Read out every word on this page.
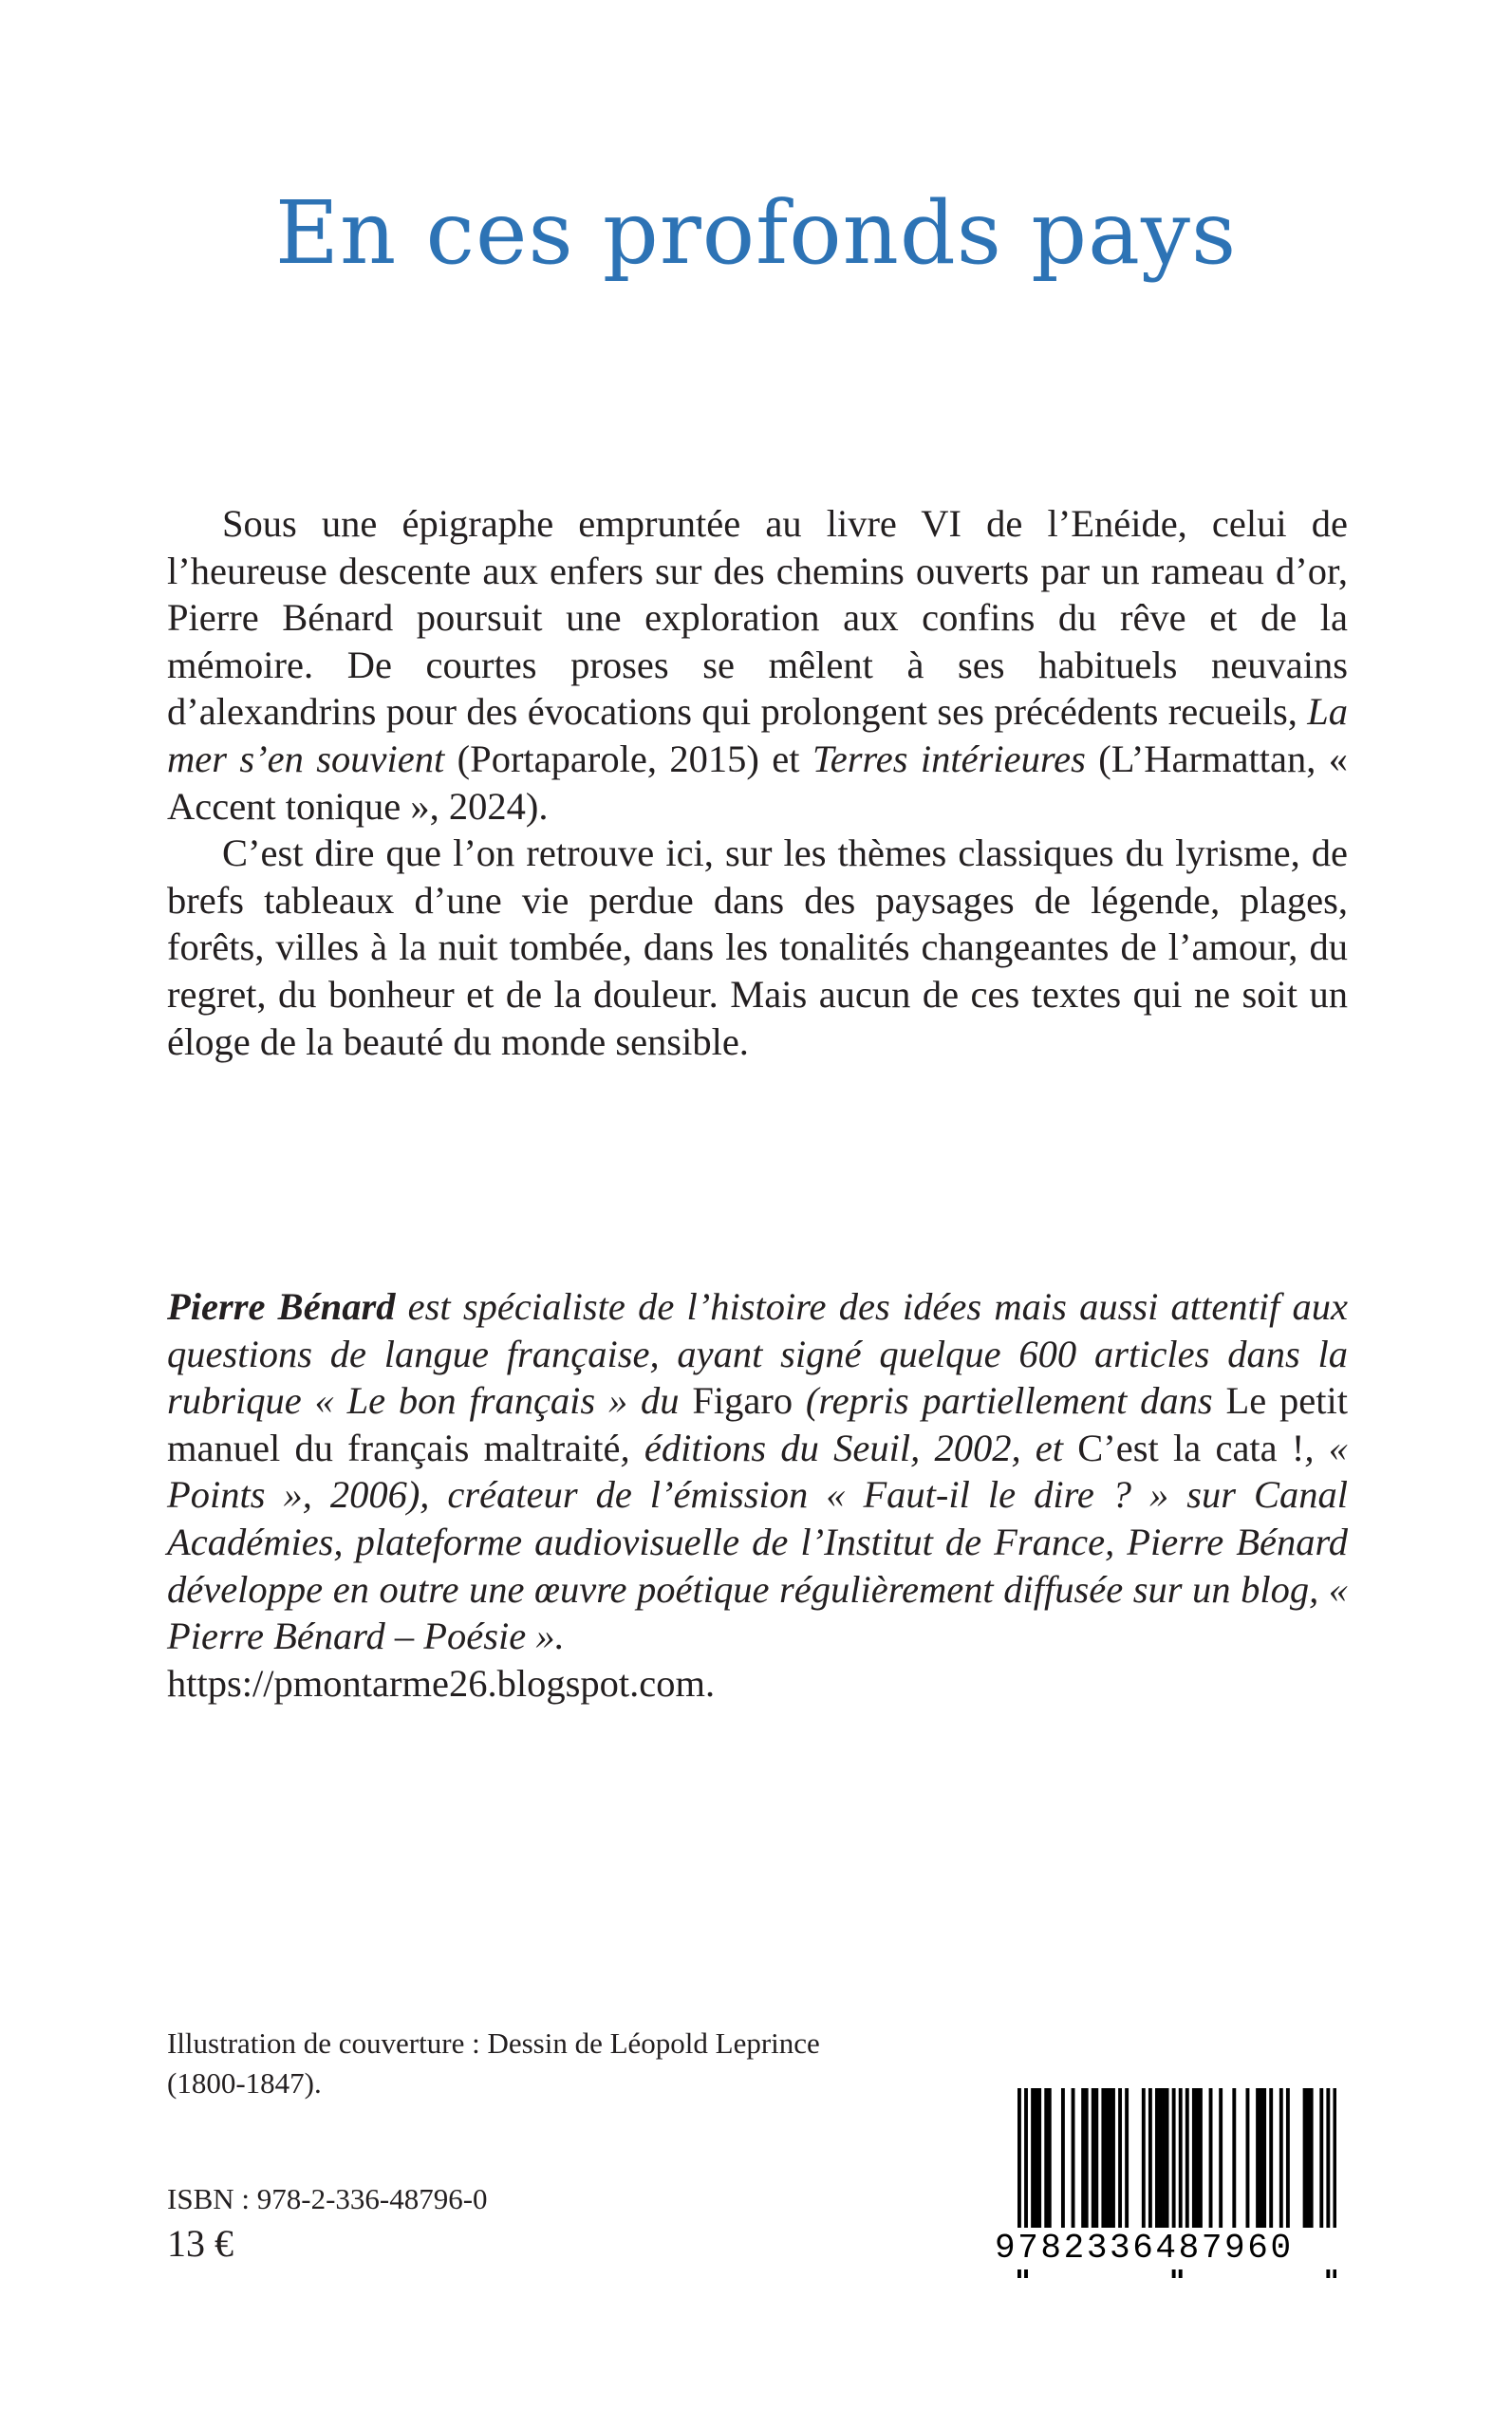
En ces profonds pays

Sous une épigraphe empruntée au livre VI de l’Enéide, celui de l’heureuse descente aux enfers sur des chemins ouverts par un rameau d’or, Pierre Bénard poursuit une exploration aux confins du rêve et de la mémoire. De courtes proses se mêlent à ses habituels neuvains d’alexandrins pour des évocations qui prolongent ses précédents recueils, La mer s’en souvient (Portaparole, 2015) et Terres intérieures (L’Harmattan, « Accent tonique », 2024).

C’est dire que l’on retrouve ici, sur les thèmes classiques du lyrisme, de brefs tableaux d’une vie perdue dans des paysages de légende, plages, forêts, villes à la nuit tombée, dans les tonalités changeantes de l’amour, du regret, du bonheur et de la douleur. Mais aucun de ces textes qui ne soit un éloge de la beauté du monde sensible.

Pierre Bénard est spécialiste de l’histoire des idées mais aussi attentif aux questions de langue française, ayant signé quelque 600 articles dans la rubrique « Le bon français » du Figaro (repris partiellement dans Le petit manuel du français maltraité, éditions du Seuil, 2002, et C’est la cata !, « Points », 2006), créateur de l’émission « Faut-il le dire ? » sur Canal Académies, plateforme audiovisuelle de l’Institut de France, Pierre Bénard développe en outre une œuvre poétique régulièrement diffusée sur un blog, « Pierre Bénard – Poésie ».
https://pmontarme26.blogspot.com.
Illustration de couverture : Dessin de Léopold Leprince (1800-1847).
ISBN : 978-2-336-48796-0
13 €	9782336487960
